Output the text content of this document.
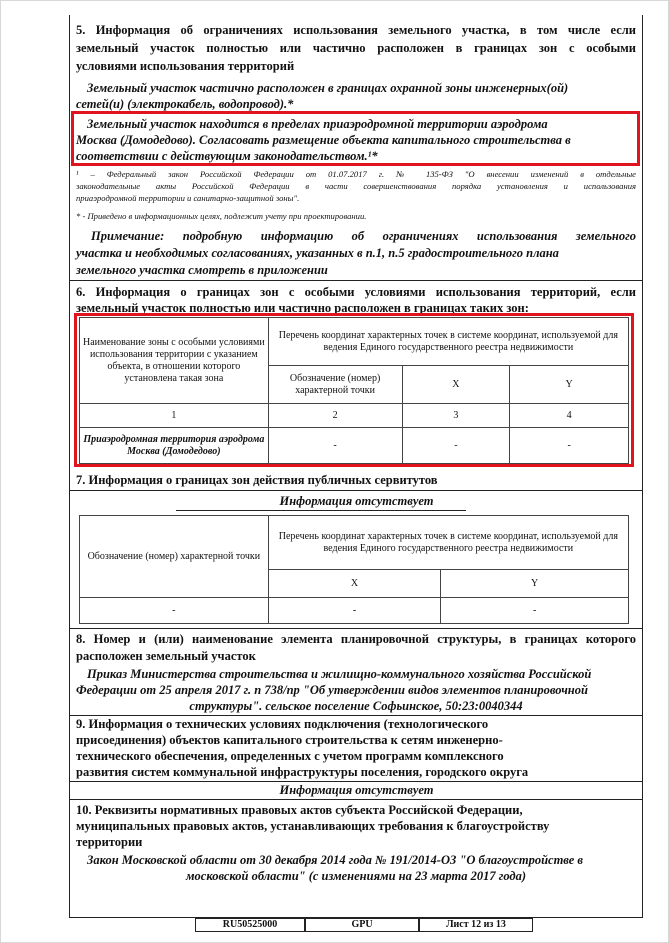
5. Информация об ограничениях использования земельного участка, в том числе если
земельный участок полностью или частично расположен в границах зон с особыми
условиями использования территорий
Земельный участок частично расположен в границах охранной зоны инженерных(ой)
сетей(и) (электрокабель, водопровод).*
Земельный участок находится в пределах приаэродромной территории аэродрома
Москва (Домодедово). Согласовать размещение объекта капитального строительства в
соответствии с действующим законодательством.¹*
¹ – Федеральный закон Российской Федерации от 01.07.2017 г. № 135-ФЗ "О внесении изменений в отдельные
законодательные акты Российской Федерации в части совершенствования порядка установления и использования
приаэродромной территории и санитарно-защитной зоны".
* - Приведено в информационных целях, подлежит учету при проектировании.
Примечание: подробную информацию об ограничениях использования земельного
участка и необходимых согласованиях, указанных в п.1, п.5 градостроительного плана
земельного участка смотреть в приложении
6. Информация о границах зон с особыми условиями использования территорий, если
земельный участок полностью или частично расположен в границах таких зон:
Наименование зоны с особыми условиями использования территории с указанием объекта, в отношении которого установлена такая зона	Перечень координат характерных точек в системе координат, используемой для ведения Единого государственного реестра недвижимости		
	Обозначение (номер) характерной точки	X	Y
1	2	3	4
Приаэродромная территория аэродрома Москва (Домодедово)	-	-	-
7. Информация о границах зон действия публичных сервитутов
Информация отсутствует
Обозначение (номер) характерной точки	Перечень координат характерных точек в системе координат, используемой для ведения Единого государственного реестра недвижимости	
	X	Y
-	-	-
8. Номер и (или) наименование элемента планировочной структуры, в границах которого
расположен земельный участок
Приказ Министерства строительства и жилищно-коммунального хозяйства Российской
Федерации от 25 апреля 2017 г. n 738/пр "Об утверждении видов элементов планировочной
структуры". сельское поселение Софьинское, 50:23:0040344
9. Информация о технических условиях подключения (технологического
присоединения) объектов капитального строительства к сетям инженерно-
технического обеспечения, определенных с учетом программ комплексного
развития систем коммунальной инфраструктуры поселения, городского округа
Информация отсутствует
10. Реквизиты нормативных правовых актов субъекта Российской Федерации,
муниципальных правовых актов, устанавливающих требования к благоустройству
территории
Закон Московской области от 30 декабря 2014 года № 191/2014-ОЗ "О благоустройстве в
московской области" (с изменениями на 23 марта 2017 года)
RU50525000	GPU	Лист 12 из 13
